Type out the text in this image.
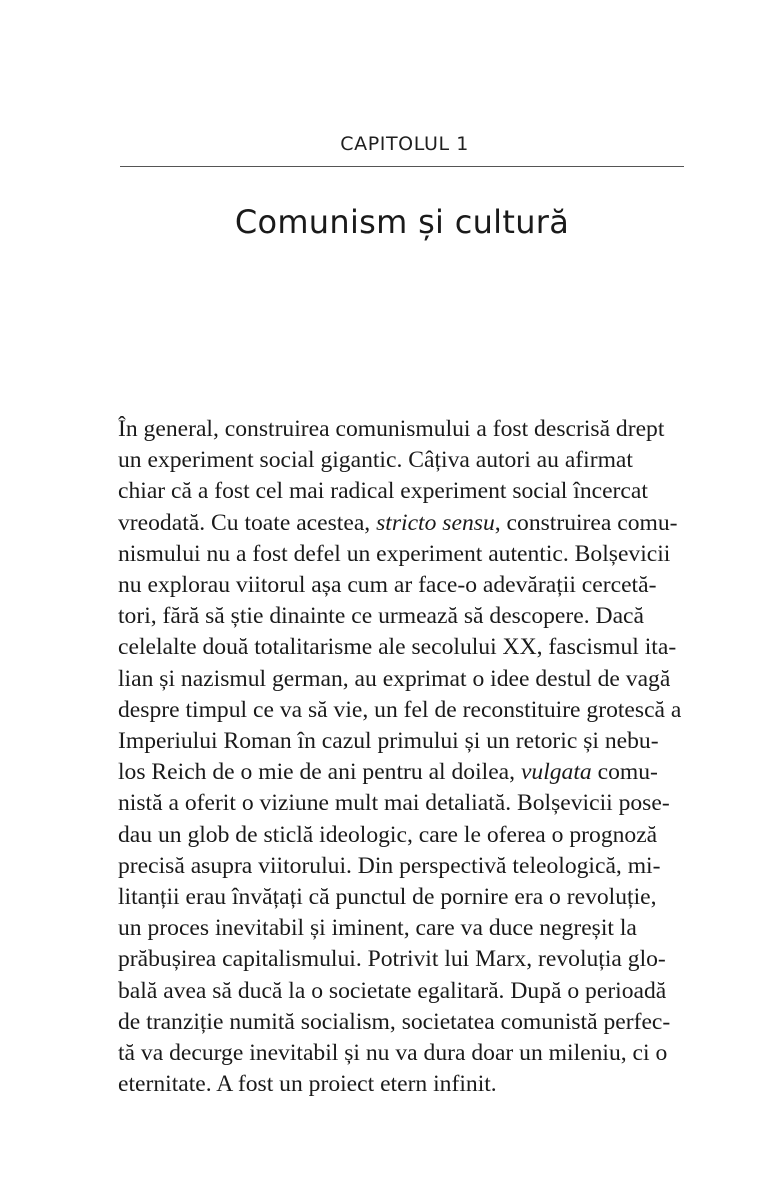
CAPITOLUL 1
Comunism și cultură

În general, construirea comunismului a fost descrisă drept
un experiment social gigantic. Câțiva autori au afirmat
chiar că a fost cel mai radical experiment social încercat
vreodată. Cu toate acestea, stricto sensu, construirea comu-
nismului nu a fost defel un experiment autentic. Bolșevicii
nu explorau viitorul așa cum ar face-o adevărații cercetă-
tori, fără să știe dinainte ce urmează să descopere. Dacă
celelalte două totalitarisme ale secolului XX, fascismul ita-
lian și nazismul german, au exprimat o idee destul de vagă
despre timpul ce va să vie, un fel de reconstituire grotescă a
Imperiului Roman în cazul primului și un retoric și nebu-
los Reich de o mie de ani pentru al doilea, vulgata comu-
nistă a oferit o viziune mult mai detaliată. Bolșevicii pose-
dau un glob de sticlă ideologic, care le oferea o prognoză
precisă asupra viitorului. Din perspectivă teleologică, mi-
litanții erau învățați că punctul de pornire era o revoluție,
un proces inevitabil și iminent, care va duce negreșit la
prăbușirea capitalismului. Potrivit lui Marx, revoluția glo-
bală avea să ducă la o societate egalitară. După o perioadă
de tranziție numită socialism, societatea comunistă perfec-
tă va decurge inevitabil și nu va dura doar un mileniu, ci o
eternitate. A fost un proiect etern infinit.
